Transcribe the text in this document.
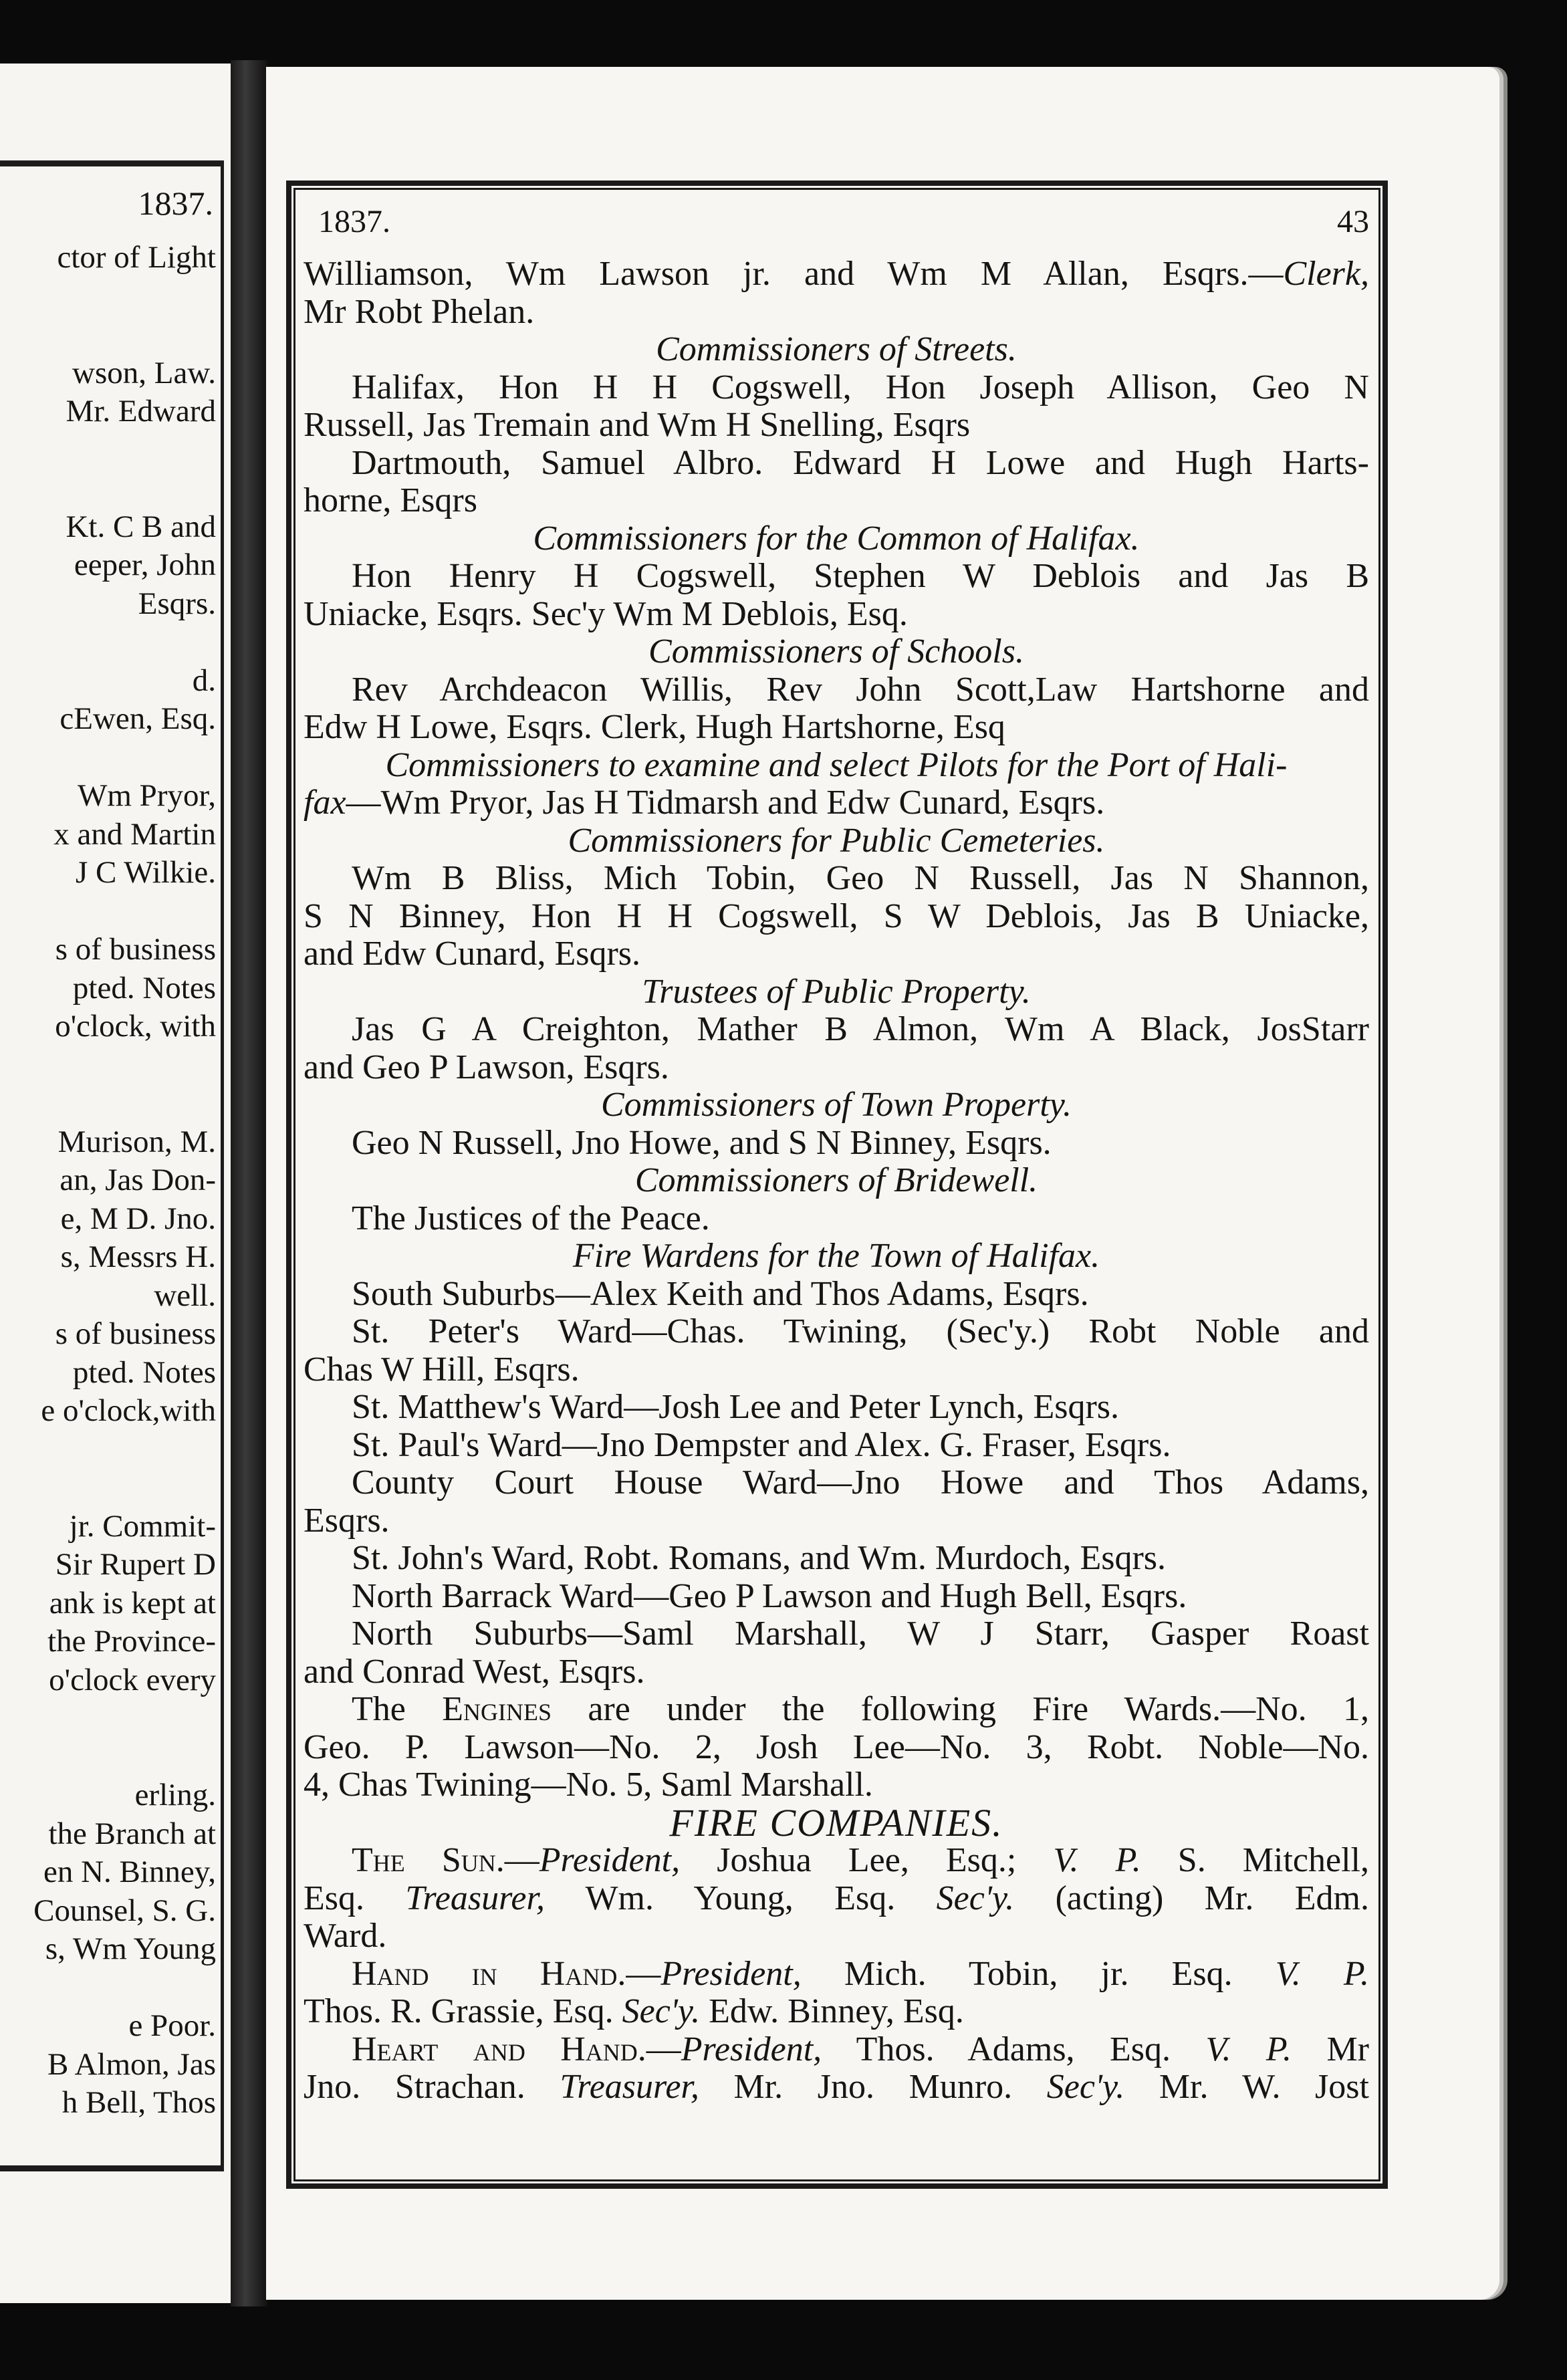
1837.
ctor of Light
wson, Law.
Mr. Edward
Kt. C B and
eeper, John
Esqrs.
d.
cEwen, Esq.
Wm Pryor,
x and Martin
J C Wilkie.
s of business
pted. Notes
o'clock, with
Murison, M.
an, Jas Don-
e, M D. Jno.
s, Messrs H.
well.
s of business
pted. Notes
e o'clock,with
jr. Commit-
Sir Rupert D
ank is kept at
the Province-
o'clock every
erling.
the Branch at
en N. Binney,
Counsel, S. G.
s, Wm Young
e Poor.
B Almon, Jas
h Bell, Thos
1837.	43
Williamson, Wm Lawson jr. and Wm M Allan, Esqrs.—Clerk,
Mr Robt Phelan.
Commissioners of Streets.
Halifax, Hon H H Cogswell, Hon Joseph Allison, Geo N
Russell, Jas Tremain and Wm H Snelling, Esqrs
Dartmouth, Samuel Albro. Edward H Lowe and Hugh Harts-
horne, Esqrs
Commissioners for the Common of Halifax.
Hon Henry H Cogswell, Stephen W Deblois and Jas B
Uniacke, Esqrs. Sec'y Wm M Deblois, Esq.
Commissioners of Schools.
Rev Archdeacon Willis, Rev John Scott,Law Hartshorne and
Edw H Lowe, Esqrs. Clerk, Hugh Hartshorne, Esq
Commissioners to examine and select Pilots for the Port of Hali-
fax—Wm Pryor, Jas H Tidmarsh and Edw Cunard, Esqrs.
Commissioners for Public Cemeteries.
Wm B Bliss, Mich Tobin, Geo N Russell, Jas N Shannon,
S N Binney, Hon H H Cogswell, S W Deblois, Jas B Uniacke,
and Edw Cunard, Esqrs.
Trustees of Public Property.
Jas G A Creighton, Mather B Almon, Wm A Black, JosStarr
and Geo P Lawson, Esqrs.
Commissioners of Town Property.
Geo N Russell, Jno Howe, and S N Binney, Esqrs.
Commissioners of Bridewell.
The Justices of the Peace.
Fire Wardens for the Town of Halifax.
South Suburbs—Alex Keith and Thos Adams, Esqrs.
St. Peter's Ward—Chas. Twining, (Sec'y.) Robt Noble and
Chas W Hill, Esqrs.
St. Matthew's Ward—Josh Lee and Peter Lynch, Esqrs.
St. Paul's Ward—Jno Dempster and Alex. G. Fraser, Esqrs.
County Court House Ward—Jno Howe and Thos Adams,
Esqrs.
St. John's Ward, Robt. Romans, and Wm. Murdoch, Esqrs.
North Barrack Ward—Geo P Lawson and Hugh Bell, Esqrs.
North Suburbs—Saml Marshall, W J Starr, Gasper Roast
and Conrad West, Esqrs.
The Engines are under the following Fire Wards.—No. 1,
Geo. P. Lawson—No. 2, Josh Lee—No. 3, Robt. Noble—No.
4, Chas Twining—No. 5, Saml Marshall.
FIRE COMPANIES.
The Sun.—President, Joshua Lee, Esq.; V. P. S. Mitchell,
Esq. Treasurer, Wm. Young, Esq. Sec'y. (acting) Mr. Edm.
Ward.
Hand in Hand.—President, Mich. Tobin, jr. Esq. V. P.
Thos. R. Grassie, Esq. Sec'y. Edw. Binney, Esq.
Heart and Hand.—President, Thos. Adams, Esq. V. P. Mr
Jno. Strachan. Treasurer, Mr. Jno. Munro. Sec'y. Mr. W. Jost
